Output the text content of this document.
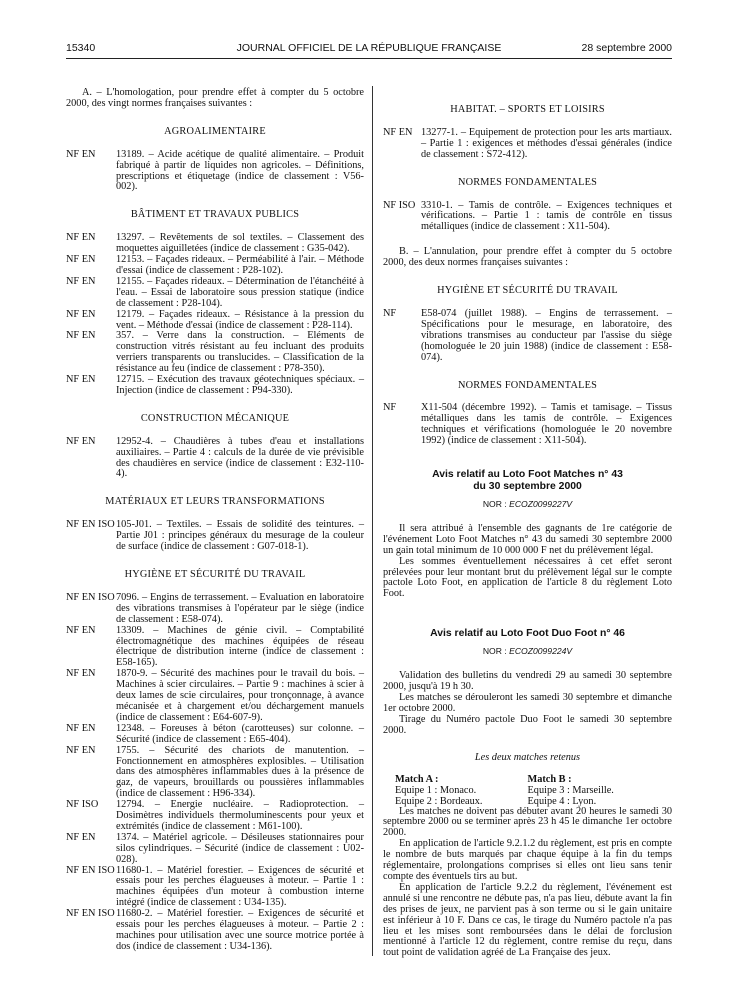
15340	JOURNAL OFFICIEL DE LA RÉPUBLIQUE FRANÇAISE	28 septembre 2000

A. – L'homologation, pour prendre effet à compter du 5 octobre 2000, des vingt normes françaises suivantes :

AGROALIMENTAIRE
NF EN	13189. – Acide acétique de qualité alimentaire. – Produit fabriqué à partir de liquides non agricoles. – Définitions, prescriptions et étiquetage (indice de classement : V56-002).
BÂTIMENT ET TRAVAUX PUBLICS
NF EN	13297. – Revêtements de sol textiles. – Classement des moquettes aiguilletées (indice de classement : G35-042).
NF EN	12153. – Façades rideaux. – Perméabilité à l'air. – Méthode d'essai (indice de classement : P28-102).
NF EN	12155. – Façades rideaux. – Détermination de l'étanchéité à l'eau. – Essai de laboratoire sous pression statique (indice de classement : P28-104).
NF EN	12179. – Façades rideaux. – Résistance à la pression du vent. – Méthode d'essai (indice de classement : P28-114).
NF EN	357. – Verre dans la construction. – Eléments de construction vitrés résistant au feu incluant des produits verriers transparents ou translucides. – Classification de la résistance au feu (indice de classement : P78-350).
NF EN	12715. – Exécution des travaux géotechniques spéciaux. – Injection (indice de classement : P94-330).
CONSTRUCTION MÉCANIQUE
NF EN	12952-4. – Chaudières à tubes d'eau et installations auxiliaires. – Partie 4 : calculs de la durée de vie prévisible des chaudières en service (indice de classement : E32-110-4).
MATÉRIAUX ET LEURS TRANSFORMATIONS
NF EN ISO 105-J01. – Textiles. – Essais de solidité des teintures. – Partie J01 : principes généraux du mesurage de la couleur de surface (indice de classement : G07-018-1).
HYGIÈNE ET SÉCURITÉ DU TRAVAIL
NF EN ISO 7096. – Engins de terrassement. – Evaluation en laboratoire des vibrations transmises à l'opérateur par le siège (indice de classement : E58-074).
NF EN	13309. – Machines de génie civil. – Comptabilité électromagnétique des machines équipées de réseau électrique de distribution interne (indice de classement : E58-165).
NF EN	1870-9. – Sécurité des machines pour le travail du bois. – Machines à scier circulaires. – Partie 9 : machines à scier à deux lames de scie circulaires, pour tronçonnage, à avance mécanisée et à chargement et/ou déchargement manuels (indice de classement : E64-607-9).
NF EN	12348. – Foreuses à béton (carotteuses) sur colonne. – Sécurité (indice de classement : E65-404).
NF EN	1755. – Sécurité des chariots de manutention. – Fonctionnement en atmosphères explosibles. – Utilisation dans des atmosphères inflammables dues à la présence de gaz, de vapeurs, brouillards ou poussières inflammables (indice de classement : H96-334).
NF ISO	12794. – Energie nucléaire. – Radioprotection. – Dosimètres individuels thermoluminescents pour yeux et extrémités (indice de classement : M61-100).
NF EN	1374. – Matériel agricole. – Désileuses stationnaires pour silos cylindriques. – Sécurité (indice de classement : U02-028).
NF EN ISO 11680-1. – Matériel forestier. – Exigences de sécurité et essais pour les perches élagueuses à moteur. – Partie 1 : machines équipées d'un moteur à combustion interne intégré (indice de classement : U34-135).
NF EN ISO 11680-2. – Matériel forestier. – Exigences de sécurité et essais pour les perches élagueuses à moteur. – Partie 2 : machines pour utilisation avec une source motrice portée à dos (indice de classement : U34-136).
HABITAT. – SPORTS ET LOISIRS
NF EN 13277-1. – Equipement de protection pour les arts martiaux. – Partie 1 : exigences et méthodes d'essai générales (indice de classement : S72-412).
NORMES FONDAMENTALES
NF ISO 3310-1. – Tamis de contrôle. – Exigences techniques et vérifications. – Partie 1 : tamis de contrôle en tissus métalliques (indice de classement : X11-504).

B. – L'annulation, pour prendre effet à compter du 5 octobre 2000, des deux normes françaises suivantes :

HYGIÈNE ET SÉCURITÉ DU TRAVAIL
NF	E58-074 (juillet 1988). – Engins de terrassement. – Spécifications pour le mesurage, en laboratoire, des vibrations transmises au conducteur par l'assise du siège (homologuée le 20 juin 1988) (indice de classement : E58-074).
NORMES FONDAMENTALES
NF	X11-504 (décembre 1992). – Tamis et tamisage. – Tissus métalliques dans les tamis de contrôle. – Exigences techniques et vérifications (homologuée le 20 novembre 1992) (indice de classement : X11-504).
Avis relatif au Loto Foot Matches n° 43
du 30 septembre 2000
NOR : ECOZ0099227V

Il sera attribué à l'ensemble des gagnants de 1re catégorie de l'événement Loto Foot Matches n° 43 du samedi 30 septembre 2000 un gain total minimum de 10 000 000 F net du prélèvement légal.

Les sommes éventuellement nécessaires à cet effet seront prélevées pour leur montant brut du prélèvement légal sur le compte pactole Loto Foot, en application de l'article 8 du règlement Loto Foot.

Avis relatif au Loto Foot Duo Foot n° 46
NOR : ECOZ0099224V

Validation des bulletins du vendredi 29 au samedi 30 septembre 2000, jusqu'à 19 h 30.

Les matches se dérouleront les samedi 30 septembre et dimanche 1er octobre 2000.

Tirage du Numéro pactole Duo Foot le samedi 30 septembre 2000.

Les deux matches retenus
Match A :	Match B :
Equipe 1 : Monaco.	Equipe 3 : Marseille.
Equipe 2 : Bordeaux.	Equipe 4 : Lyon.

Les matches ne doivent pas débuter avant 20 heures le samedi 30 septembre 2000 ou se terminer après 23 h 45 le dimanche 1er octobre 2000.

En application de l'article 9.2.1.2 du règlement, est pris en compte le nombre de buts marqués par chaque équipe à la fin du temps réglementaire, prolongations comprises si elles ont lieu sans tenir compte des éventuels tirs au but.

En application de l'article 9.2.2 du règlement, l'événement est annulé si une rencontre ne débute pas, n'a pas lieu, débute avant la fin des prises de jeux, ne parvient pas à son terme ou si le gain unitaire est inférieur à 10 F. Dans ce cas, le tirage du Numéro pactole n'a pas lieu et les mises sont remboursées dans le délai de forclusion mentionné à l'article 12 du règlement, contre remise du reçu, dans tout point de validation agréé de La Française des jeux.
